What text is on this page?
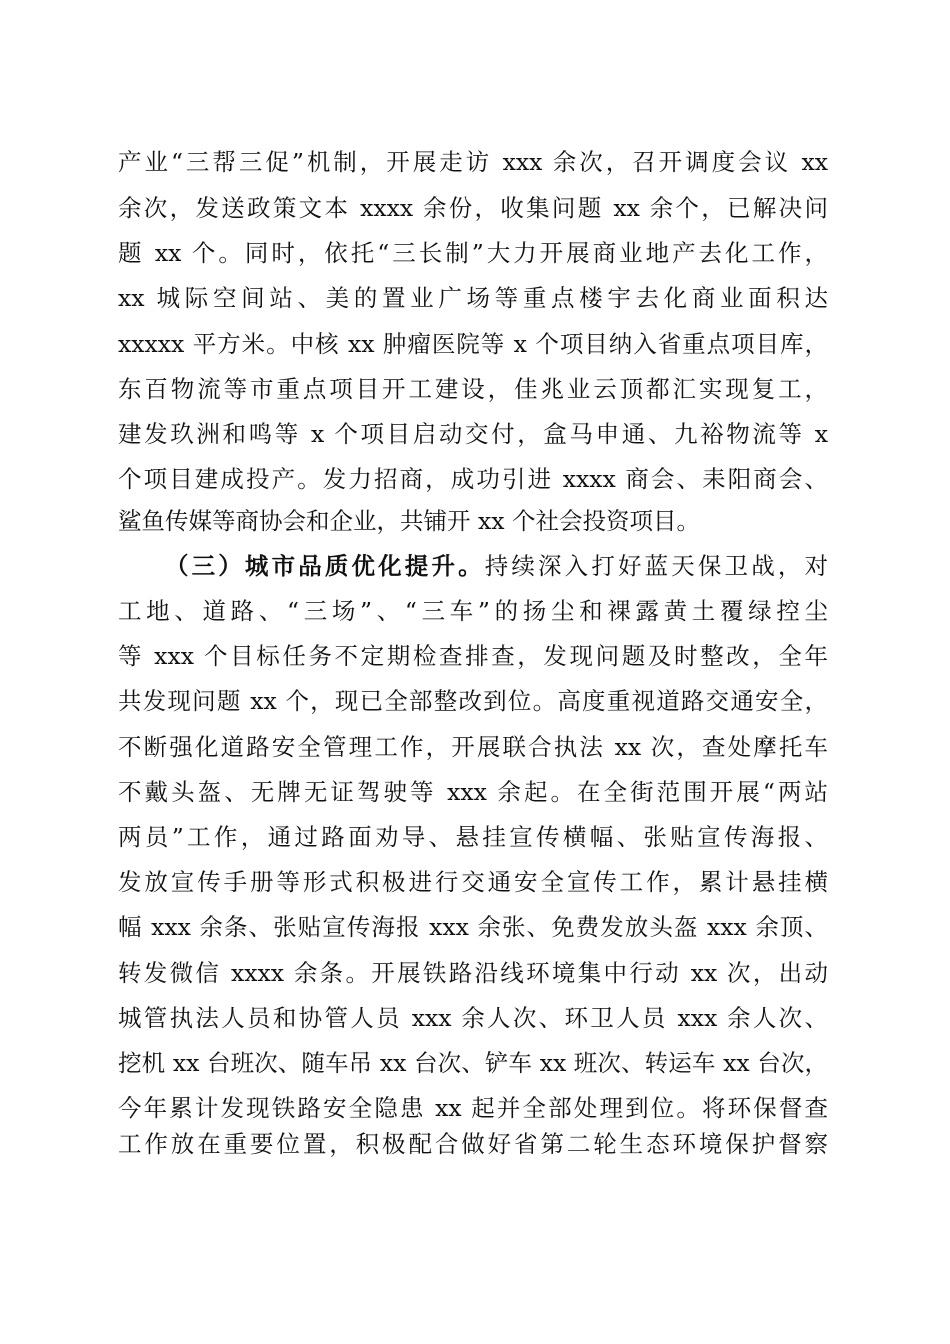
产业“三帮三促”机制，开展走访 xxx 余次，召开调度会议 xx
余次，发送政策文本 xxxx 余份，收集问题 xx 余个，已解决问
题 xx 个。同时，依托“三长制”大力开展商业地产去化工作，
xx 城际空间站、美的置业广场等重点楼宇去化商业面积达
xxxxx 平方米。中核 xx 肿瘤医院等 x 个项目纳入省重点项目库，
东百物流等市重点项目开工建设，佳兆业云顶都汇实现复工，
建发玖洲和鸣等 x 个项目启动交付，盒马申通、九裕物流等 x
个项目建成投产。发力招商，成功引进 xxxx 商会、耒阳商会、
鲨鱼传媒等商协会和企业，共铺开 xx 个社会投资项目。
（三）城市品质优化提升。持续深入打好蓝天保卫战，对
工地、道路、“三场”、“三车”的扬尘和裸露黄土覆绿控尘
等 xxx 个目标任务不定期检查排查，发现问题及时整改，全年
共发现问题 xx 个，现已全部整改到位。高度重视道路交通安全，
不断强化道路安全管理工作，开展联合执法 xx 次，查处摩托车
不戴头盔、无牌无证驾驶等 xxx 余起。在全街范围开展“两站
两员”工作，通过路面劝导、悬挂宣传横幅、张贴宣传海报、
发放宣传手册等形式积极进行交通安全宣传工作，累计悬挂横
幅 xxx 余条、张贴宣传海报 xxx 余张、免费发放头盔 xxx 余顶、
转发微信 xxxx 余条。开展铁路沿线环境集中行动 xx 次，出动
城管执法人员和协管人员 xxx 余人次、环卫人员 xxx 余人次、
挖机 xx 台班次、随车吊 xx 台次、铲车 xx 班次、转运车 xx 台次，
今年累计发现铁路安全隐患 xx 起并全部处理到位。将环保督查
工作放在重要位置，积极配合做好省第二轮生态环境保护督察
